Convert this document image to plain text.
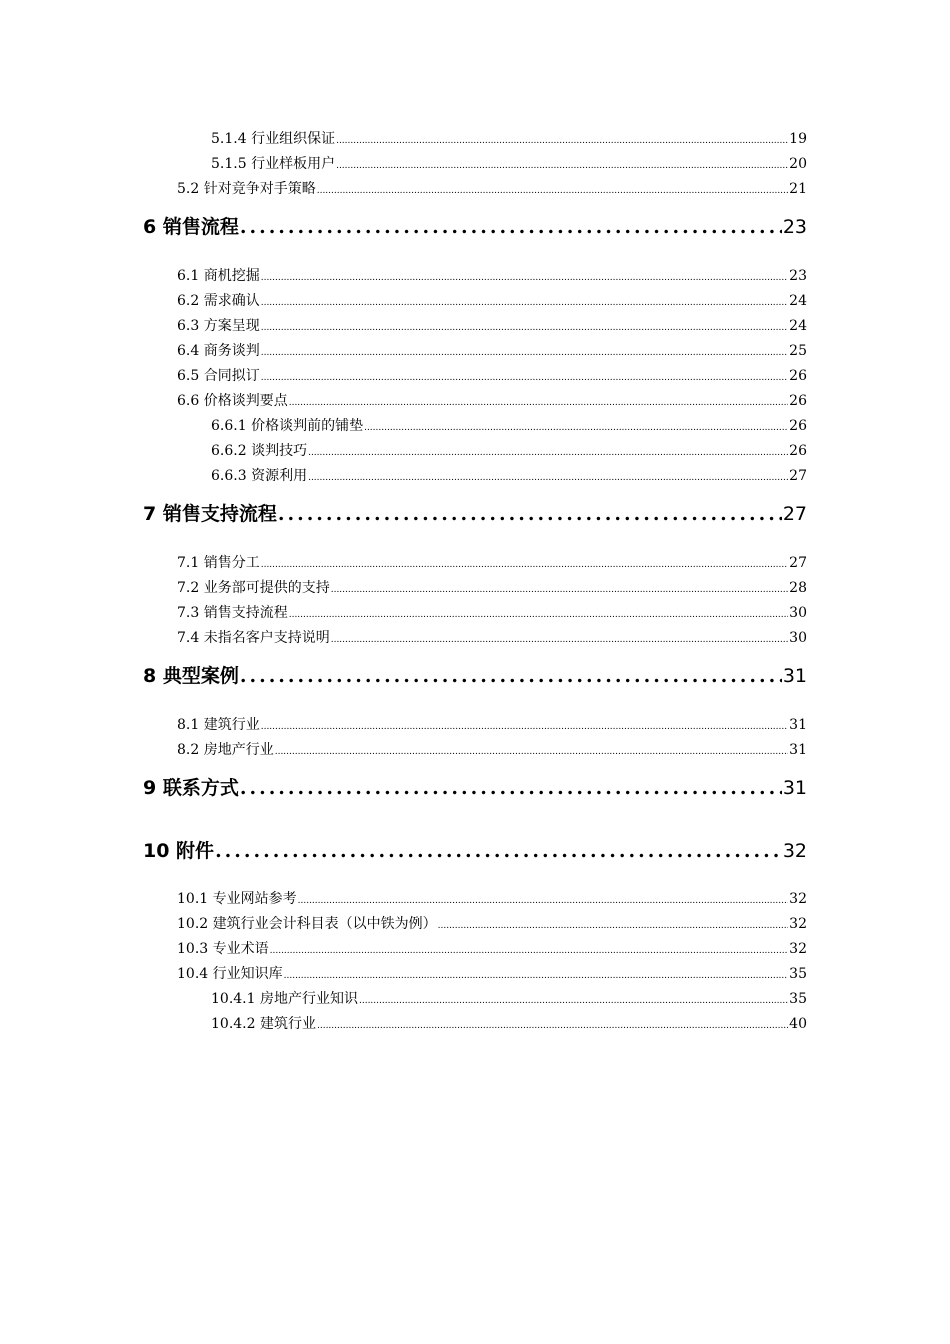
5.1.4 行业组织保证 .....	19
5.1.5 行业样板用户 .....	20
5.2 针对竞争对手策略 .....	21
6 销售流程 .....	23
6.1 商机挖掘 .....	23
6.2 需求确认 .....	24
6.3 方案呈现 .....	24
6.4 商务谈判 .....	25
6.5 合同拟订 .....	26
6.6 价格谈判要点 .....	26
6.6.1 价格谈判前的铺垫 .....	26
6.6.2 谈判技巧 .....	26
6.6.3 资源利用 .....	27
7 销售支持流程 .....	27
7.1 销售分工 .....	27
7.2 业务部可提供的支持 .....	28
7.3 销售支持流程 .....	30
7.4 未指名客户支持说明 .....	30
8 典型案例 .....	31
8.1 建筑行业 .....	31
8.2 房地产行业 .....	31
9 联系方式 .....	31
10 附件 .....	32
10.1 专业网站参考 .....	32
10.2 建筑行业会计科目表（以中铁为例） .....	32
10.3 专业术语 .....	32
10.4 行业知识库 .....	35
10.4.1 房地产行业知识 .....	35
10.4.2 建筑行业 .....	40
